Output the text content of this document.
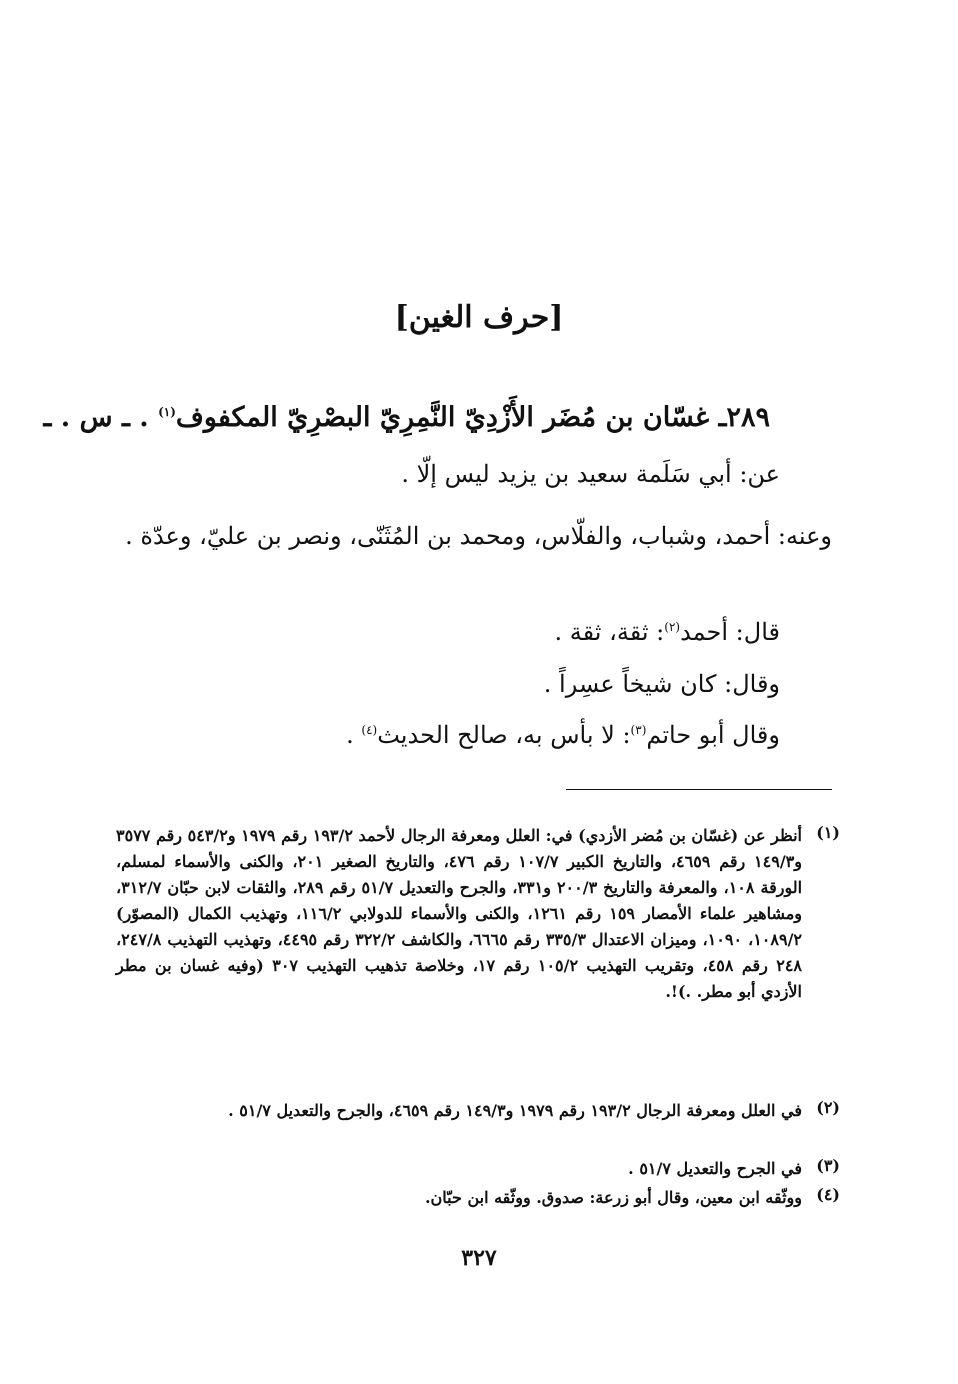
[حرف الغين]
٢٨٩ـ غسّان بن مُضَر الأَزْدِيّ النَّمِرِيّ البصْرِيّ المكفوف$^{(١)}$ . ـ س . ـ
عن: أبي سَلَمة سعيد بن يزيد ليس إلّا .
وعنه: أحمد، وشباب، والفلّاس، ومحمد بن المُثَنّى، ونصر بن عليّ، وعدّة .
قال: أحمد$^{(٢)}$: ثقة، ثقة .
وقال: كان شيخاً عسِراً .
وقال أبو حاتم$^{(٣)}$: لا بأس به، صالح الحديث$^{(٤)}$ .
(١)
أنظر عن (غسّان بن مُضر الأزدي) في: العلل ومعرفة الرجال لأحمد ١٩٣/٢ رقم ١٩٧٩ و٥٤٣/٢ رقم ٣٥٧٧ و١٤٩/٣ رقم ٤٦٥٩، والتاريخ الكبير ١٠٧/٧ رقم ٤٧٦، والتاريخ الصغير ٢٠١، والكنى والأسماء لمسلم، الورقة ١٠٨، والمعرفة والتاريخ ٢٠٠/٣ و٣٣١، والجرح والتعديل ٥١/٧ رقم ٢٨٩، والثقات لابن حبّان ٣١٢/٧، ومشاهير علماء الأمصار ١٥٩ رقم ١٢٦١، والكنى والأسماء للدولابي ١١٦/٢، وتهذيب الكمال (المصوّر) ١٠٨٩/٢، ١٠٩٠، وميزان الاعتدال ٣٣٥/٣ رقم ٦٦٦٥، والكاشف ٣٢٢/٢ رقم ٤٤٩٥، وتهذيب التهذيب ٢٤٧/٨، ٢٤٨ رقم ٤٥٨، وتقريب التهذيب ١٠٥/٢ رقم ١٧، وخلاصة تذهيب التهذيب ٣٠٧ (وفيه غسان بن مطر الأزدي أبو مطر. .)!.
(٢)
في العلل ومعرفة الرجال ١٩٣/٢ رقم ١٩٧٩ و١٤٩/٣ رقم ٤٦٥٩، والجرح والتعديل ٥١/٧ .
(٣)
في الجرح والتعديل ٥١/٧ .
(٤)
ووثّقه ابن معين، وقال أبو زرعة: صدوق. ووثّقه ابن حبّان.
٣٢٧
